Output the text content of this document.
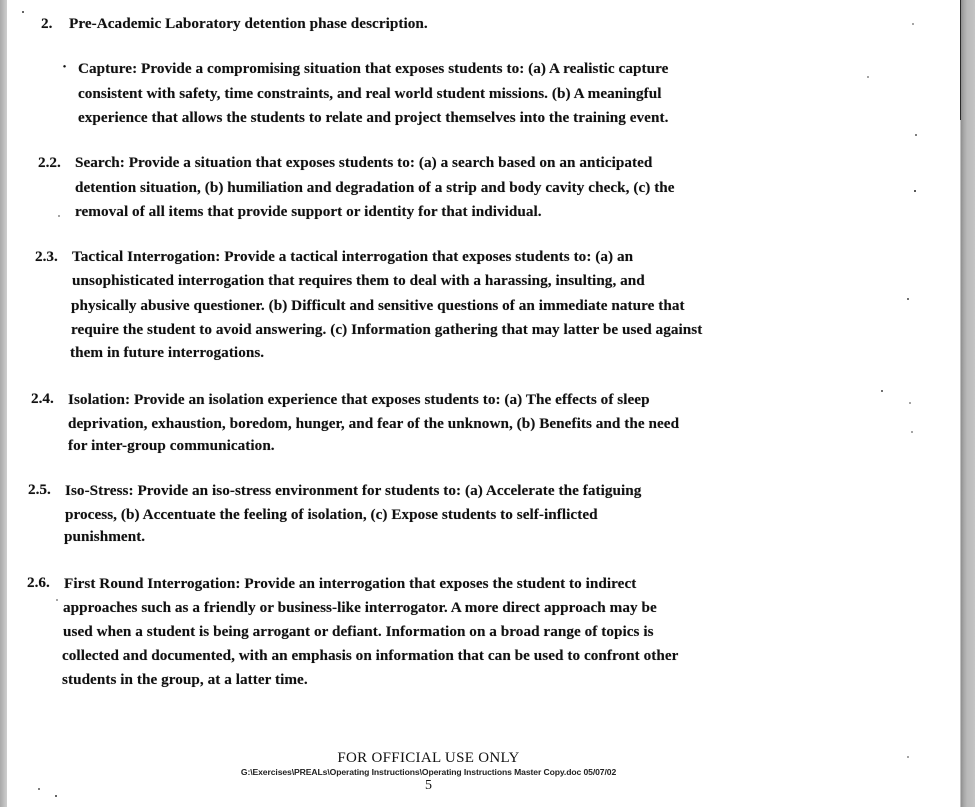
2. Pre-Academic Laboratory detention phase description.
· Capture: Provide a compromising situation that exposes students to: (a) A realistic capture
consistent with safety, time constraints, and real world student missions. (b) A meaningful
experience that allows the students to relate and project themselves into the training event.
2.2. Search: Provide a situation that exposes students to: (a) a search based on an anticipated
detention situation, (b) humiliation and degradation of a strip and body cavity check, (c) the
removal of all items that provide support or identity for that individual.
2.3. Tactical Interrogation: Provide a tactical interrogation that exposes students to: (a) an
unsophisticated interrogation that requires them to deal with a harassing, insulting, and
physically abusive questioner. (b) Difficult and sensitive questions of an immediate nature that
require the student to avoid answering. (c) Information gathering that may latter be used against
them in future interrogations.
2.4. Isolation: Provide an isolation experience that exposes students to: (a) The effects of sleep
deprivation, exhaustion, boredom, hunger, and fear of the unknown, (b) Benefits and the need
for inter-group communication.
2.5. Iso-Stress: Provide an iso-stress environment for students to: (a) Accelerate the fatiguing
process, (b) Accentuate the feeling of isolation, (c) Expose students to self-inflicted
punishment.
2.6. First Round Interrogation: Provide an interrogation that exposes the student to indirect
approaches such as a friendly or business-like interrogator. A more direct approach may be
used when a student is being arrogant or defiant. Information on a broad range of topics is
collected and documented, with an emphasis on information that can be used to confront other
students in the group, at a latter time.
FOR OFFICIAL USE ONLY
G:\Exercises\PREALs\Operating Instructions\Operating Instructions Master Copy.doc 05/07/02
5
